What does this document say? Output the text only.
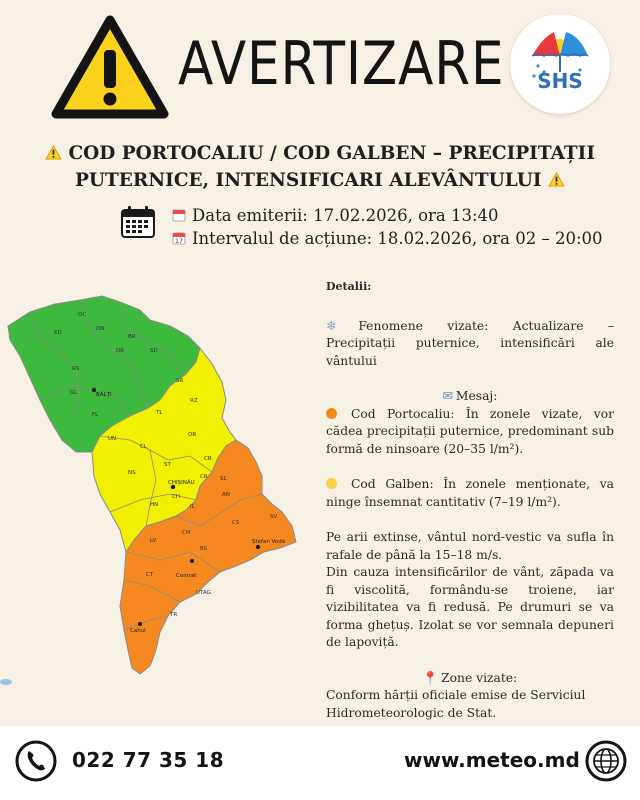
AVERTIZARE SHS
COD PORTOCALIU / COD GALBEN – PRECIPITAȚII
PUTERNICE, INTENSIFICARI ALEVÂNTULUI
Data emiterii: 17.02.2026, ora 13:40
17 Intervalul de acțiune: 18.02.2026, ora 02 – 20:00
BĂLȚI
CHIȘINĂU
Comrat
Cahul
Ștefan Vodă
OC
ED
DN
BR
RS
SD
FL
GL
DR
SR
RZ
TL
OR
UN
CL
ST
NS
CR
AN
HN	IL
CS
BS
CM
CT
TR
LV
UTAG
SV
SL
CR
CH

Detalii:

❄ Fenomene vizate: Actualizare – Precipitații puternice, intensificări ale vântului

✉ Mesaj:

Cod Portocaliu: În zonele vizate, vor cădea precipitații puternice, predominant sub formă de ninsoare (20–35 l/m²).

Cod Galben: În zonele menționate, va ninge însemnat cantitativ (7–19 l/m²).

Pe arii extinse, vântul nord-vestic va sufla în rafale de până la 15–18 m/s.

Din cauza intensificărilor de vânt, zăpada va fi viscolită, formându-se troiene, iar vizibilitatea va fi redusă. Pe drumuri se va forma ghețuș. Izolat se vor semnala depuneri de lapoviță.

📍 Zone vizate:

Conform hărții oficiale emise de Serviciul Hidrometeorologic de Stat.

022 77 35 18	www.meteo.md
